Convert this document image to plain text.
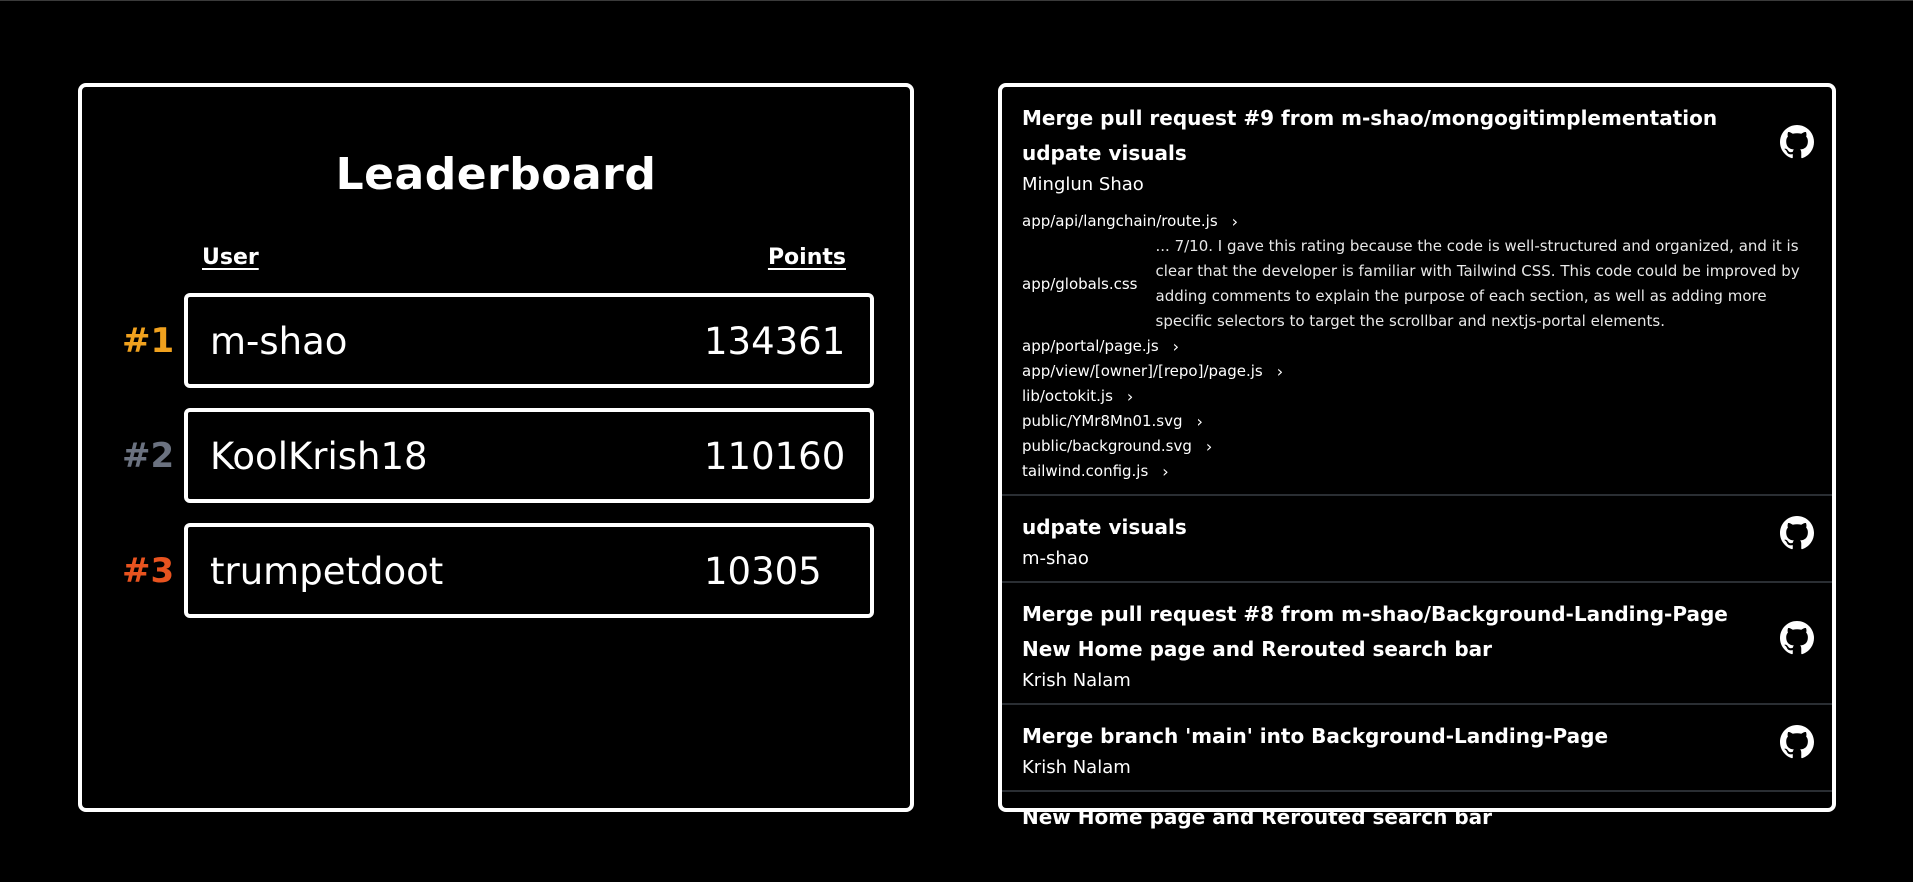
Leaderboard
User	Points
#1 m-shao	134361
#2 KoolKrish18	110160
#3 trumpetdoot	10305
Merge pull request #9 from m-shao/mongogitimplementation udpate visuals
Minglun Shao
app/api/langchain/route.js ›
app/globals.css
... 7/10. I gave this rating because the code is well-structured and organized, and it is clear that the developer is familiar with Tailwind CSS. This code could be improved by adding comments to explain the purpose of each section, as well as adding more specific selectors to target the scrollbar and nextjs-portal elements.
app/portal/page.js ›
app/view/[owner]/[repo]/page.js ›
lib/octokit.js ›
public/YMr8Mn01.svg ›
public/background.svg ›
tailwind.config.js ›
udpate visuals
m-shao
Merge pull request #8 from m-shao/Background-Landing-Page New Home page and Rerouted search bar
Krish Nalam
Merge branch 'main' into Background-Landing-Page
Krish Nalam
New Home page and Rerouted search bar
